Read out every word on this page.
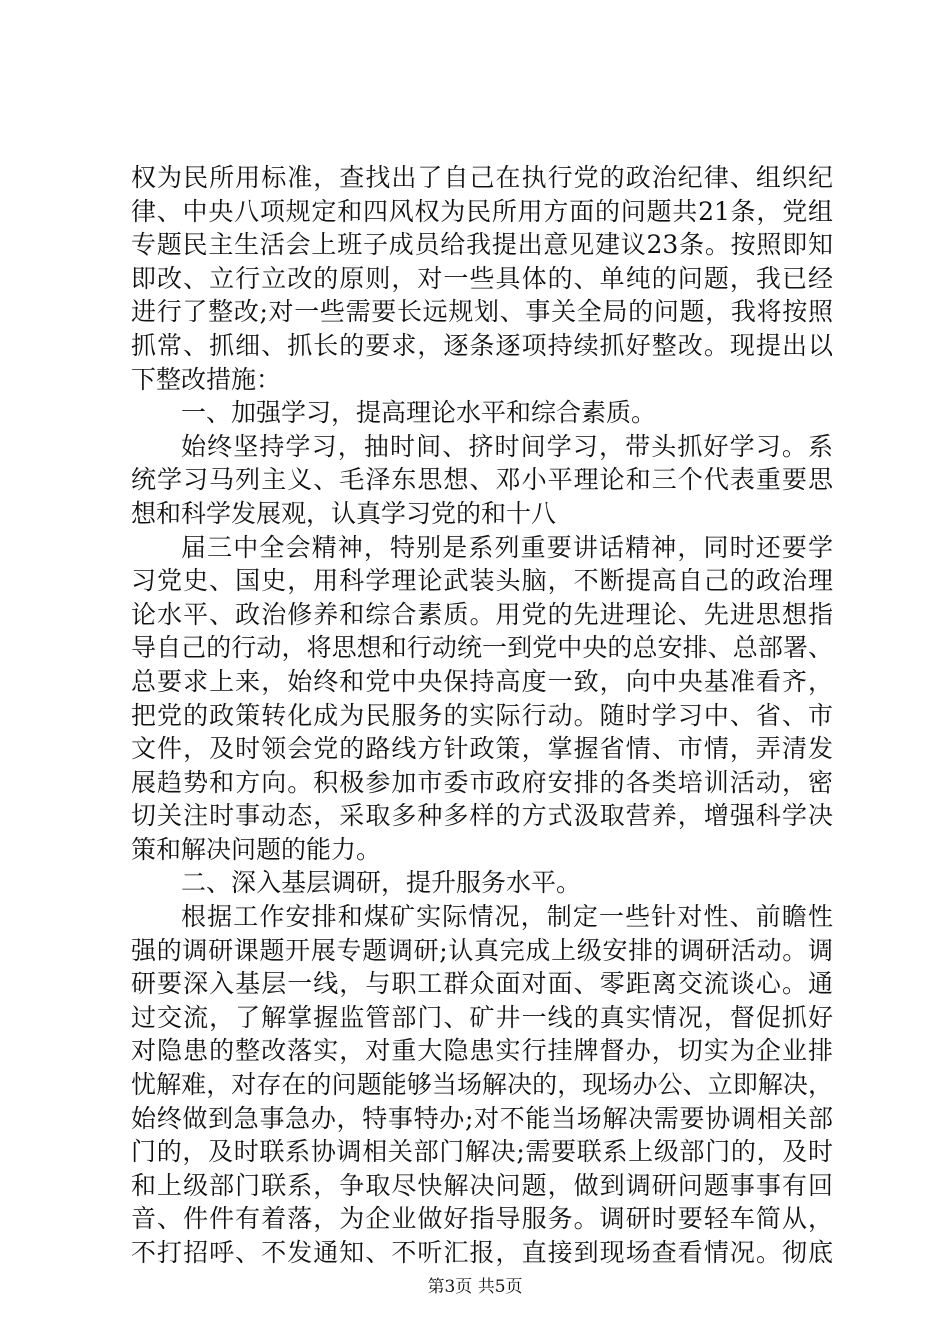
权为民所用标准，查找出了自己在执行党的政治纪律、组织纪
律、中央八项规定和四风权为民所用方面的问题共21条，党组
专题民主生活会上班子成员给我提出意见建议23条。按照即知
即改、立行立改的原则，对一些具体的、单纯的问题，我已经
进行了整改;对一些需要长远规划、事关全局的问题，我将按照
抓常、抓细、抓长的要求，逐条逐项持续抓好整改。现提出以
下整改措施：
一、加强学习，提高理论水平和综合素质。
始终坚持学习，抽时间、挤时间学习，带头抓好学习。系
统学习马列主义、毛泽东思想、邓小平理论和三个代表重要思
想和科学发展观，认真学习党的和十八
届三中全会精神，特别是系列重要讲话精神，同时还要学
习党史、国史，用科学理论武装头脑，不断提高自己的政治理
论水平、政治修养和综合素质。用党的先进理论、先进思想指
导自己的行动，将思想和行动统一到党中央的总安排、总部署、
总要求上来，始终和党中央保持高度一致，向中央基准看齐，
把党的政策转化成为民服务的实际行动。随时学习中、省、市
文件，及时领会党的路线方针政策，掌握省情、市情，弄清发
展趋势和方向。积极参加市委市政府安排的各类培训活动，密
切关注时事动态，采取多种多样的方式汲取营养，增强科学决
策和解决问题的能力。
二、深入基层调研，提升服务水平。
根据工作安排和煤矿实际情况，制定一些针对性、前瞻性
强的调研课题开展专题调研;认真完成上级安排的调研活动。调
研要深入基层一线，与职工群众面对面、零距离交流谈心。通
过交流，了解掌握监管部门、矿井一线的真实情况，督促抓好
对隐患的整改落实，对重大隐患实行挂牌督办，切实为企业排
忧解难，对存在的问题能够当场解决的，现场办公、立即解决，
始终做到急事急办，特事特办;对不能当场解决需要协调相关部
门的，及时联系协调相关部门解决;需要联系上级部门的，及时
和上级部门联系，争取尽快解决问题，做到调研问题事事有回
音、件件有着落，为企业做好指导服务。调研时要轻车简从，
不打招呼、不发通知、不听汇报，直接到现场查看情况。彻底
第3页 共5页
